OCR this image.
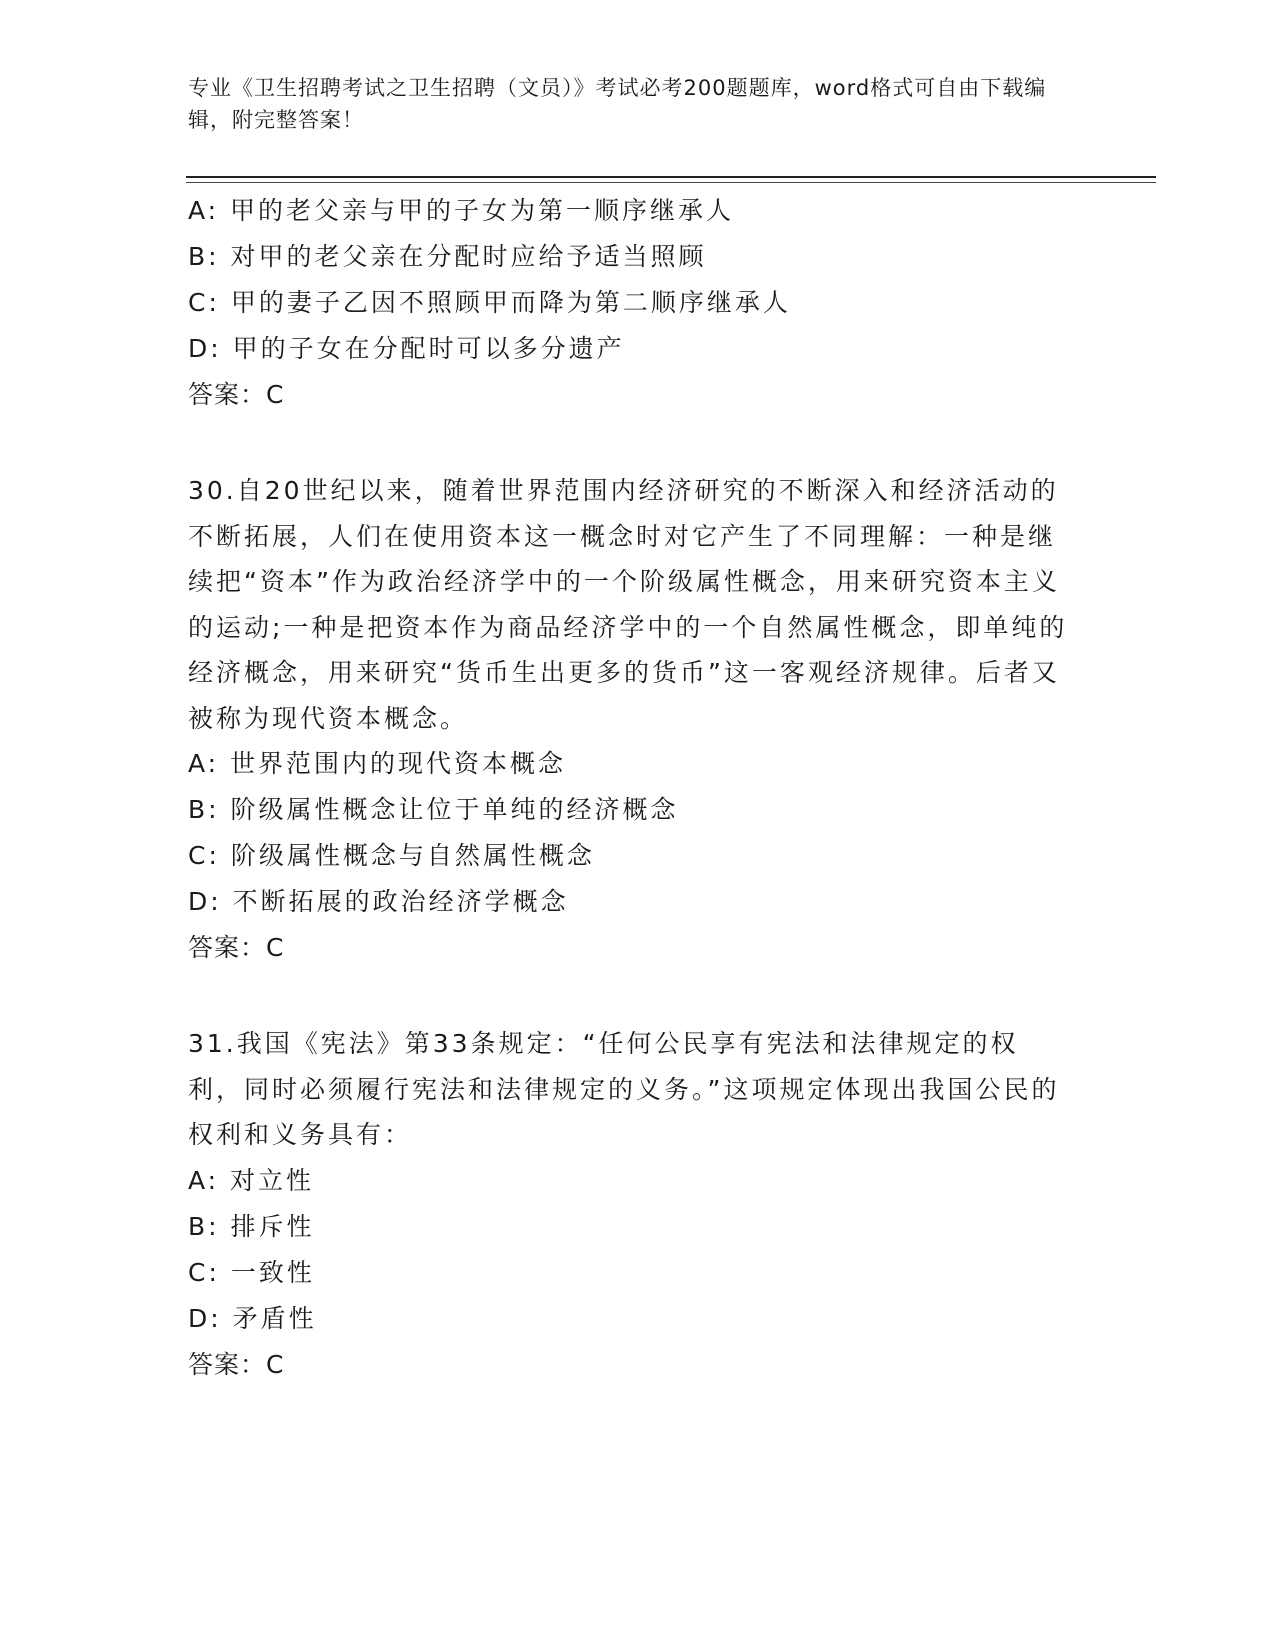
专业《卫生招聘考试之卫生招聘（文员）》考试必考200题题库，word格式可自由下载编辑，附完整答案！
A: 甲的老父亲与甲的子女为第一顺序继承人
B: 对甲的老父亲在分配时应给予适当照顾
C: 甲的妻子乙因不照顾甲而降为第二顺序继承人
D: 甲的子女在分配时可以多分遗产
答案：C
30.自20世纪以来，随着世界范围内经济研究的不断深入和经济活动的不断拓展，人们在使用资本这一概念时对它产生了不同理解：一种是继续把“资本”作为政治经济学中的一个阶级属性概念，用来研究资本主义的运动;一种是把资本作为商品经济学中的一个自然属性概念，即单纯的经济概念，用来研究“货币生出更多的货币”这一客观经济规律。后者又被称为现代资本概念。
A: 世界范围内的现代资本概念
B: 阶级属性概念让位于单纯的经济概念
C: 阶级属性概念与自然属性概念
D: 不断拓展的政治经济学概念
答案：C
31.我国《宪法》第33条规定：“任何公民享有宪法和法律规定的权利，同时必须履行宪法和法律规定的义务。”这项规定体现出我国公民的权利和义务具有：
A: 对立性
B: 排斥性
C: 一致性
D: 矛盾性
答案：C
